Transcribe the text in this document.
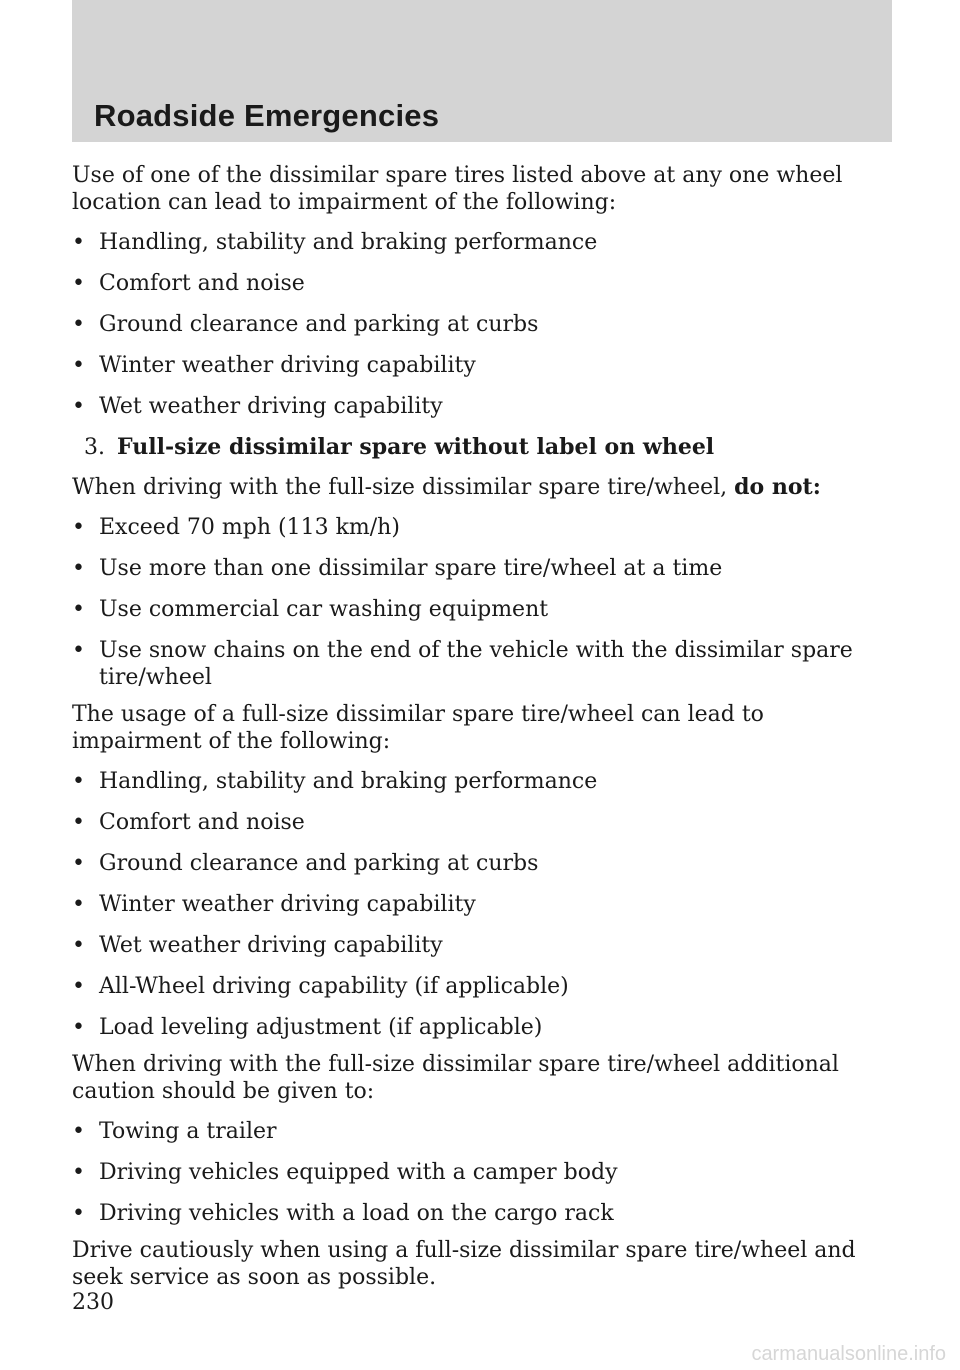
Roadside Emergencies

Use of one of the dissimilar spare tires listed above at any one wheel location can lead to impairment of the following:

• Handling, stability and braking performance
• Comfort and noise
• Ground clearance and parking at curbs
• Winter weather driving capability
• Wet weather driving capability
3. Full-size dissimilar spare without label on wheel

When driving with the full-size dissimilar spare tire/wheel, do not:

• Exceed 70 mph (113 km/h)
• Use more than one dissimilar spare tire/wheel at a time
• Use commercial car washing equipment
• Use snow chains on the end of the vehicle with the dissimilar spare tire/wheel

The usage of a full-size dissimilar spare tire/wheel can lead to impairment of the following:

• Handling, stability and braking performance
• Comfort and noise
• Ground clearance and parking at curbs
• Winter weather driving capability
• Wet weather driving capability
• All-Wheel driving capability (if applicable)
• Load leveling adjustment (if applicable)

When driving with the full-size dissimilar spare tire/wheel additional caution should be given to:

• Towing a trailer
• Driving vehicles equipped with a camper body
• Driving vehicles with a load on the cargo rack

Drive cautiously when using a full-size dissimilar spare tire/wheel and seek service as soon as possible.

230
carmanualsonline.info
